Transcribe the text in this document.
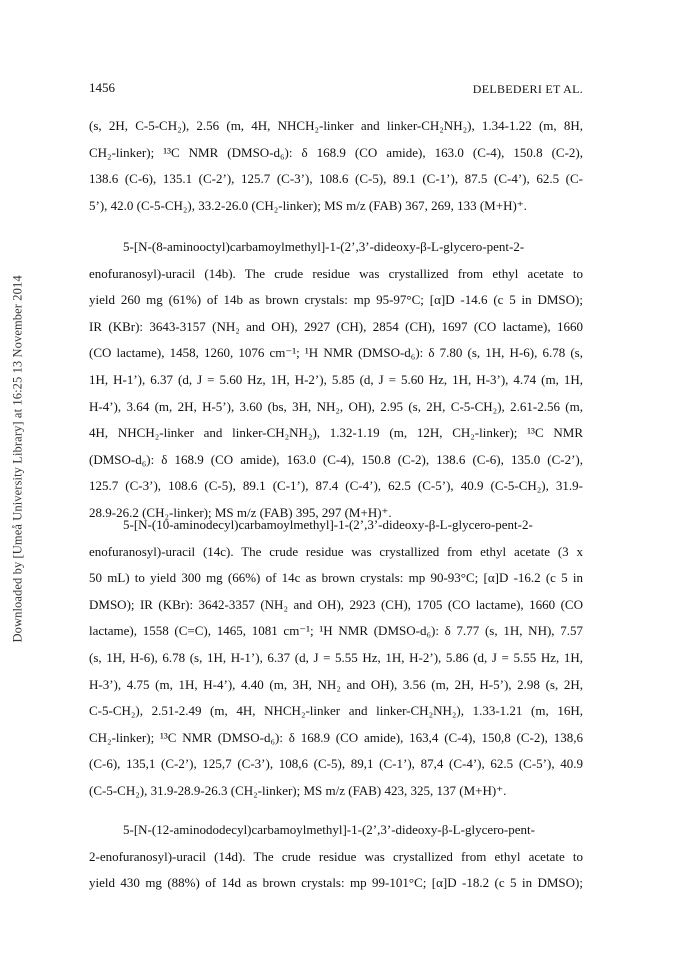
Downloaded by [Umeå University Library] at 16:25 13 November 2014
1456	DELBEDERI ET AL.
(s, 2H, C-5-CH₂), 2.56 (m, 4H, NHCH₂-linker and linker-CH₂NH₂), 1.34-1.22 (m, 8H,
CH₂-linker); ¹³C NMR (DMSO-d₆): δ 168.9 (CO amide), 163.0 (C-4), 150.8 (C-2),
138.6 (C-6), 135.1 (C-2’), 125.7 (C-3’), 108.6 (C-5), 89.1 (C-1’), 87.5 (C-4’), 62.5 (C-
5’), 42.0 (C-5-CH₂), 33.2-26.0 (CH₂-linker); MS m/z (FAB) 367, 269, 133 (M+H)⁺.
5-[N-(8-aminooctyl)carbamoylmethyl]-1-(2’,3’-dideoxy-β-L-glycero-pent-2-
enofuranosyl)-uracil (14b). The crude residue was crystallized from ethyl acetate to
yield 260 mg (61%) of 14b as brown crystals: mp 95-97°C; [α]D -14.6 (c 5 in DMSO);
IR (KBr): 3643-3157 (NH₂ and OH), 2927 (CH), 2854 (CH), 1697 (CO lactame), 1660
(CO lactame), 1458, 1260, 1076 cm⁻¹; ¹H NMR (DMSO-d₆): δ 7.80 (s, 1H, H-6), 6.78 (s,
1H, H-1’), 6.37 (d, J = 5.60 Hz, 1H, H-2’), 5.85 (d, J = 5.60 Hz, 1H, H-3’), 4.74 (m, 1H,
H-4’), 3.64 (m, 2H, H-5’), 3.60 (bs, 3H, NH₂, OH), 2.95 (s, 2H, C-5-CH₂), 2.61-2.56 (m,
4H, NHCH₂-linker and linker-CH₂NH₂), 1.32-1.19 (m, 12H, CH₂-linker); ¹³C NMR
(DMSO-d₆): δ 168.9 (CO amide), 163.0 (C-4), 150.8 (C-2), 138.6 (C-6), 135.0 (C-2’),
125.7 (C-3’), 108.6 (C-5), 89.1 (C-1’), 87.4 (C-4’), 62.5 (C-5’), 40.9 (C-5-CH₂), 31.9-
28.9-26.2 (CH₂-linker); MS m/z (FAB) 395, 297 (M+H)⁺.
5-[N-(10-aminodecyl)carbamoylmethyl]-1-(2’,3’-dideoxy-β-L-glycero-pent-2-
enofuranosyl)-uracil (14c). The crude residue was crystallized from ethyl acetate (3 x
50 mL) to yield 300 mg (66%) of 14c as brown crystals: mp 90-93°C; [α]D -16.2 (c 5 in
DMSO); IR (KBr): 3642-3357 (NH₂ and OH), 2923 (CH), 1705 (CO lactame), 1660 (CO
lactame), 1558 (C=C), 1465, 1081 cm⁻¹; ¹H NMR (DMSO-d₆): δ 7.77 (s, 1H, NH), 7.57
(s, 1H, H-6), 6.78 (s, 1H, H-1’), 6.37 (d, J = 5.55 Hz, 1H, H-2’), 5.86 (d, J = 5.55 Hz, 1H,
H-3’), 4.75 (m, 1H, H-4’), 4.40 (m, 3H, NH₂ and OH), 3.56 (m, 2H, H-5’), 2.98 (s, 2H,
C-5-CH₂), 2.51-2.49 (m, 4H, NHCH₂-linker and linker-CH₂NH₂), 1.33-1.21 (m, 16H,
CH₂-linker); ¹³C NMR (DMSO-d₆): δ 168.9 (CO amide), 163,4 (C-4), 150,8 (C-2), 138,6
(C-6), 135,1 (C-2’), 125,7 (C-3’), 108,6 (C-5), 89,1 (C-1’), 87,4 (C-4’), 62.5 (C-5’), 40.9
(C-5-CH₂), 31.9-28.9-26.3 (CH₂-linker); MS m/z (FAB) 423, 325, 137 (M+H)⁺.
5-[N-(12-aminododecyl)carbamoylmethyl]-1-(2’,3’-dideoxy-β-L-glycero-pent-
2-enofuranosyl)-uracil (14d). The crude residue was crystallized from ethyl acetate to
yield 430 mg (88%) of 14d as brown crystals: mp 99-101°C; [α]D -18.2 (c 5 in DMSO);
